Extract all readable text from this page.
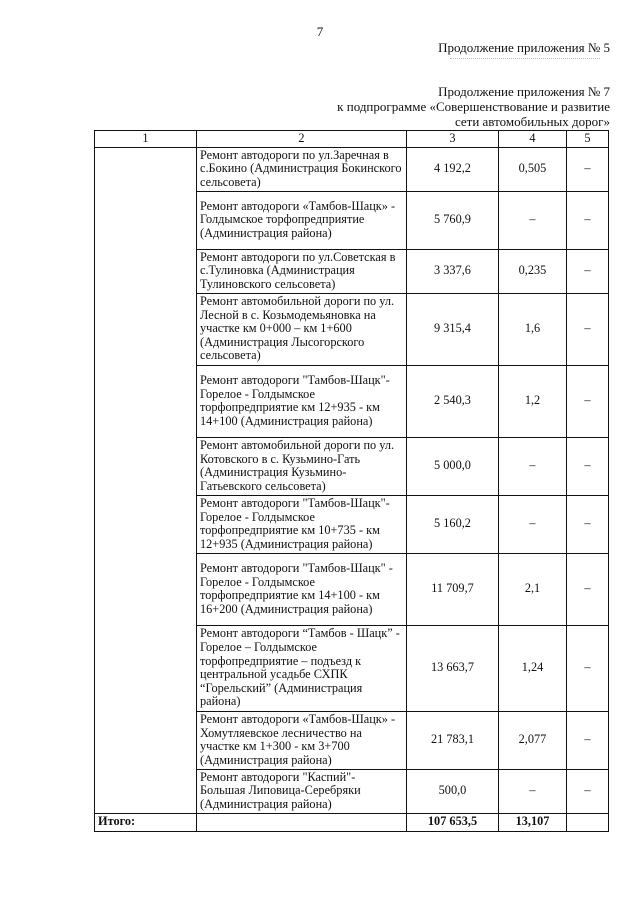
7
Продолжение приложения № 5
Продолжение приложения № 7
к подпрограмме «Совершенствование и развитие
сети автомобильных дорог»
1	2	3	4	5
	Ремонт автодороги по ул.Заречная в с.Бокино (Администрация Бокинского сельсовета)	4 192,2	0,505	–
	Ремонт автодороги «Тамбов-Шацк» - Голдымское торфопредприятие (Администрация района)	5 760,9	–	–
	Ремонт автодороги по ул.Советская в с.Тулиновка (Администрация Тулиновского сельсовета)	3 337,6	0,235	–
	Ремонт автомобильной дороги по ул. Лесной в с. Козьмодемьяновка на участке км 0+000 – км 1+600 (Администрация Лысогорского сельсовета)	9 315,4	1,6	–
	Ремонт автодороги "Тамбов-Шацк"- Горелое - Голдымское торфопредприятие км 12+935 - км 14+100 (Администрация района)	2 540,3	1,2	–
	Ремонт автомобильной дороги по ул. Котовского в с. Кузьмино-Гать (Администрация Кузьмино-Гатьевского сельсовета)	5 000,0	–	–
	Ремонт автодороги "Тамбов-Шацк"- Горелое - Голдымское торфопредприятие км 10+735 - км 12+935 (Администрация района)	5 160,2	–	–
	Ремонт автодороги "Тамбов-Шацк" - Горелое - Голдымское торфопредприятие км 14+100 - км 16+200 (Администрация района)	11 709,7	2,1	–
	Ремонт автодороги “Тамбов - Шацк” - Горелое – Голдымское торфопредприятие – подъезд к центральной усадьбе СХПК “Горельский” (Администрация района)	13 663,7	1,24	–
	Ремонт автодороги «Тамбов-Шацк» - Хомутляевское лесничество на участке км 1+300 - км 3+700 (Администрация района)	21 783,1	2,077	–
	Ремонт автодороги "Каспий"- Большая Липовица-Серебряки (Администрация района)	500,0	–	–
Итого:		107 653,5	13,107	
